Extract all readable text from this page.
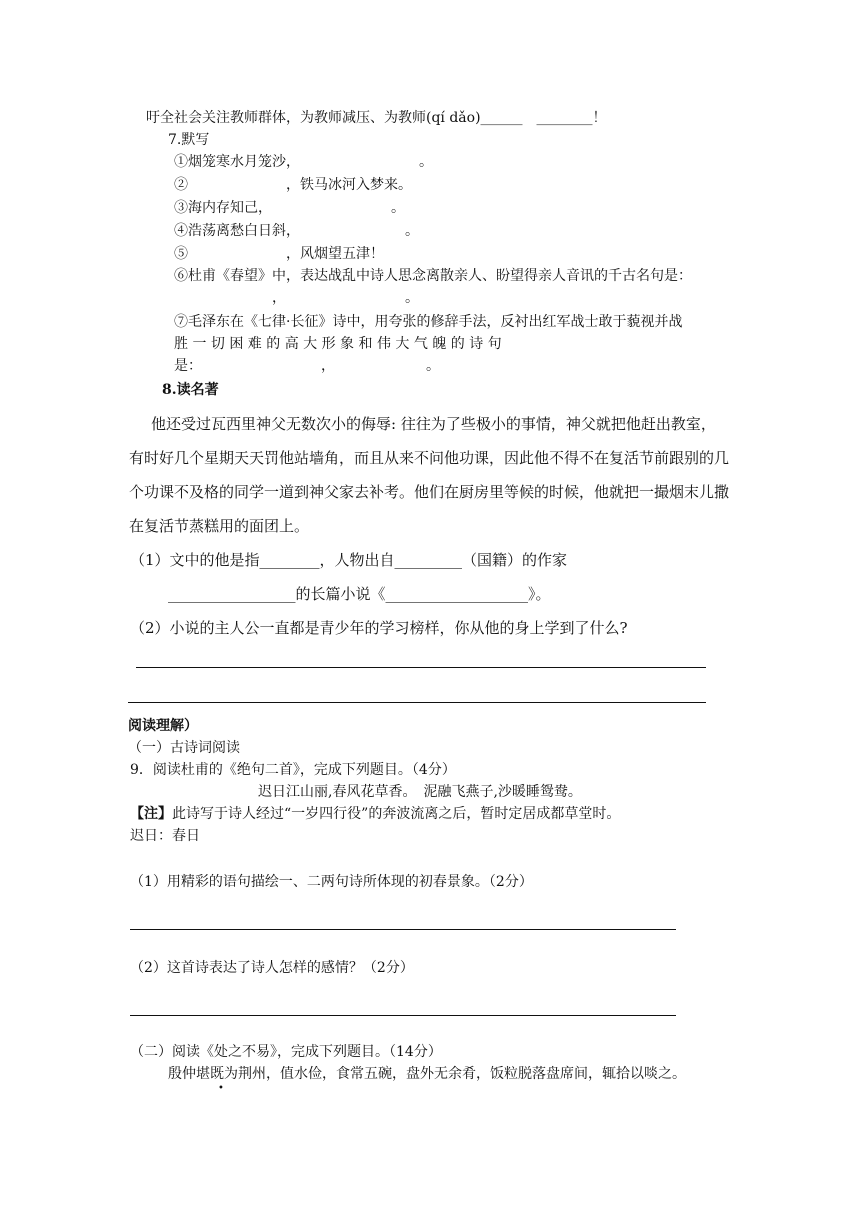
吁全社会关注教师群体，为教师减压、为教师(qí dǎo)______　________！
7.默写
①烟笼寒水月笼沙，　　　　　　　　　。
②　　　　　　　，铁马冰河入梦来。
③海内存知己，　　　　　　　　　。
④浩荡离愁白日斜，　　　　　　　　。
⑤　　　　　　　，风烟望五津！
⑥杜甫《春望》中，表达战乱中诗人思念离散亲人、盼望得亲人音讯的千古名句是：
　　　，　　　　　　　　　。
⑦毛泽东在《七律·长征》诗中，用夸张的修辞手法，反衬出红军战士敢于藐视并战
胜 一 切 困 难 的 高 大 形 象 和 伟 大 气 魄 的 诗 句
是：　　　　　　　　　，　　　　　　　。
8.读名著
他还受过瓦西里神父无数次小的侮辱: 往往为了些极小的事情，神父就把他赶出教室，
有时好几个星期天天罚他站墙角，而且从来不问他功课，因此他不得不在复活节前跟别的几
个功课不及格的同学一道到神父家去补考。他们在厨房里等候的时候，他就把一撮烟末儿撒
在复活节蒸糕用的面团上。
（1）文中的他是指________，人物出自_________（国籍）的作家
_________________的长篇小说《___________________》。
（2）小说的主人公一直都是青少年的学习榜样，你从他的身上学到了什么?
阅读理解）
（一）古诗词阅读
9．阅读杜甫的《绝句二首》，完成下列题目。（4分）
迟日江山丽,春风花草香。　泥融飞燕子,沙暖睡鸳鸯。
【注】此诗写于诗人经过“一岁四行役”的奔波流离之后，暂时定居成都草堂时。
迟日：春日
（1）用精彩的语句描绘一、二两句诗所体现的初春景象。（2分）
（2）这首诗表达了诗人怎样的感情？（2分）
（二）阅读《处之不易》，完成下列题目。（14分）
殷仲堪既为荆州，值水俭，食常五碗，盘外无余肴，饭粒脱落盘席间，辄拾以啖之。
•
